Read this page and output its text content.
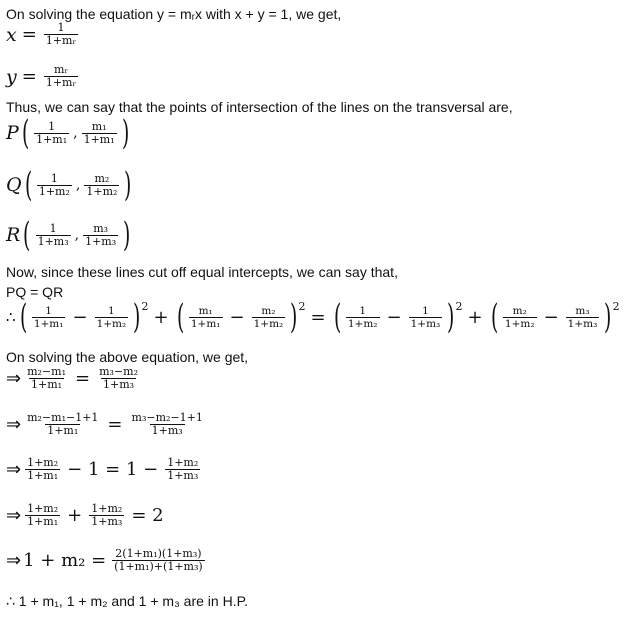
On solving the equation y = mᵣx with x + y = 1, we get,
$x = \frac{1}{\text{1+mᵣ}}$
$y = \frac{\text{mᵣ}}{\text{1+mᵣ}}$
Thus, we can say that the points of intersection of the lines on the transversal are,
P ( $\frac{1}{\text{1+m₁}}$ , $\frac{\text{m₁}}{\text{1+m₁}}$ )
Q ( $\frac{1}{\text{1+m₂}}$ , $\frac{\text{m₂}}{\text{1+m₂}}$ )
R ( $\frac{1}{\text{1+m₃}}$ , $\frac{\text{m₃}}{\text{1+m₃}}$ )
Now, since these lines cut off equal intercepts, we can say that,
PQ = QR
∴ ( $\frac{1}{\text{1+m₁}} - \frac{1}{\text{1+m₂}}$ ) 2 + ( $\frac{\text{m₁}}{\text{1+m₁}} - \frac{\text{m₂}}{\text{1+m₂}}$ ) 2 = ( $\frac{1}{\text{1+m₂}} - \frac{1}{\text{1+m₃}}$ ) 2 + ( $\frac{\text{m₂}}{\text{1+m₂}} - \frac{\text{m₃}}{\text{1+m₃}}$ ) 2
On solving the above equation, we get,
⇒ $\frac{\text{m₂−m₁}}{\text{1+m₁}} = \frac{\text{m₃−m₂}}{\text{1+m₃}}$
⇒ $\frac{\text{m₂−m₁−1+1}}{\text{1+m₁}} = \frac{\text{m₃−m₂−1+1}}{\text{1+m₃}}$
⇒ $\frac{\text{1+m₂}}{\text{1+m₁}} - 1 = 1 - \frac{\text{1+m₂}}{\text{1+m₃}}$
⇒ $\frac{\text{1+m₂}}{\text{1+m₁}} + \frac{\text{1+m₂}}{\text{1+m₃}} = 2$
⇒ $1 + m_2 = \frac{\text{2(1+m₁)(1+m₃)}}{\text{(1+m₁)+(1+m₃)}}$
∴ 1 + m₁, 1 + m₂ and 1 + m₃ are in H.P.
